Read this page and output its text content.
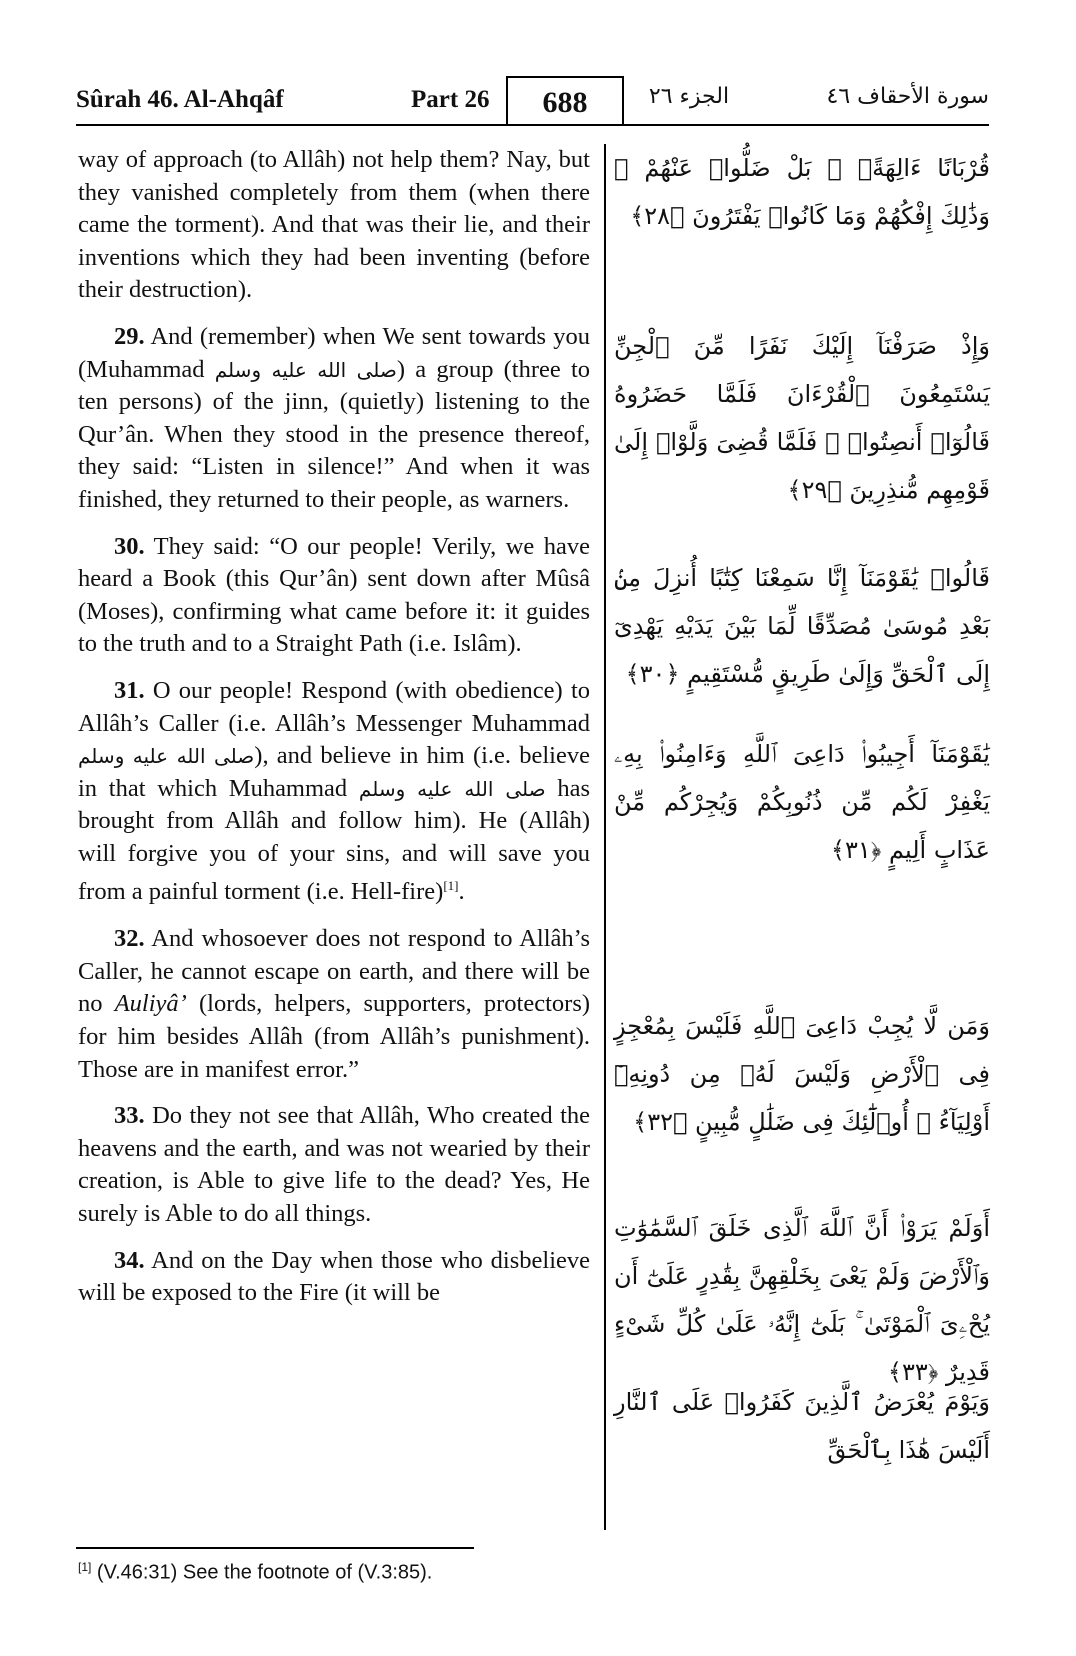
Sûrah 46. Al-Ahqâf	Part 26	688	الجزء ٢٦	سورة الأحقاف ٤٦

way of approach (to Allâh) not help them? Nay, but they vanished completely from them (when there came the torment). And that was their lie, and their inventions which they had been inventing (before their destruction).

29. And (remember) when We sent towards you (Muhammad صلى الله عليه وسلم) a group (three to ten persons) of the jinn, (quietly) listening to the Qur’ân. When they stood in the presence thereof, they said: “Listen in silence!” And when it was finished, they returned to their people, as warners.

30. They said: “O our people! Verily, we have heard a Book (this Qur’ân) sent down after Mûsâ (Moses), confirming what came before it: it guides to the truth and to a Straight Path (i.e. Islâm).

31. O our people! Respond (with obedience) to Allâh’s Caller (i.e. Allâh’s Messenger Muhammad صلى الله عليه وسلم), and believe in him (i.e. believe in that which Muhammad صلى الله عليه وسلم has brought from Allâh and follow him). He (Allâh) will forgive you of your sins, and will save you from a painful torment (i.e. Hell-fire)[1].

32. And whosoever does not respond to Allâh’s Caller, he cannot escape on earth, and there will be no Auliyâ’ (lords, helpers, supporters, protectors) for him besides Allâh (from Allâh’s punishment). Those are in manifest error.”

33. Do they not see that Allâh, Who created the heavens and the earth, and was not wearied by their creation, is Able to give life to the dead? Yes, He surely is Able to do all things.

34. And on the Day when those who disbelieve will be exposed to the Fire (it will be

قُرْبَانًا ءَالِهَةًۢ ۖ بَلْ ضَلُّوا۟ عَنْهُمْ ۚ وَذَٰلِكَ إِفْكُهُمْ وَمَا كَانُوا۟ يَفْتَرُونَ ﴿٢٨﴾
وَإِذْ صَرَفْنَآ إِلَيْكَ نَفَرًا مِّنَ ٱلْجِنِّ يَسْتَمِعُونَ ٱلْقُرْءَانَ فَلَمَّا حَضَرُوهُ قَالُوٓا۟ أَنصِتُوا۟ ۖ فَلَمَّا قُضِىَ وَلَّوْا۟ إِلَىٰ قَوْمِهِم مُّنذِرِينَ ﴿٢٩﴾
قَالُوا۟ يَٰقَوْمَنَآ إِنَّا سَمِعْنَا كِتَٰبًا أُنزِلَ مِنۢ بَعْدِ مُوسَىٰ مُصَدِّقًا لِّمَا بَيْنَ يَدَيْهِ يَهْدِىٓ إِلَى ٱلْحَقِّ وَإِلَىٰ طَرِيقٍ مُّسْتَقِيمٍ ﴿٣٠﴾
يَٰقَوْمَنَآ أَجِيبُوا۟ دَاعِىَ ٱللَّهِ وَءَامِنُوا۟ بِهِۦ يَغْفِرْ لَكُم مِّن ذُنُوبِكُمْ وَيُجِرْكُم مِّنْ عَذَابٍ أَلِيمٍ ﴿٣١﴾
وَمَن لَّا يُجِبْ دَاعِىَ ٱللَّهِ فَلَيْسَ بِمُعْجِزٍ فِى ٱلْأَرْضِ وَلَيْسَ لَهُۥ مِن دُونِهِۦٓ أَوْلِيَآءُ ۚ أُو۟لَٰٓئِكَ فِى ضَلَٰلٍ مُّبِينٍ ﴿٣٢﴾
أَوَلَمْ يَرَوْا۟ أَنَّ ٱللَّهَ ٱلَّذِى خَلَقَ ٱلسَّمَٰوَٰتِ وَٱلْأَرْضَ وَلَمْ يَعْىَ بِخَلْقِهِنَّ بِقَٰدِرٍ عَلَىٰٓ أَن يُحْۦِىَ ٱلْمَوْتَىٰ ۚ بَلَىٰٓ إِنَّهُۥ عَلَىٰ كُلِّ شَىْءٍ قَدِيرٌ ﴿٣٣﴾
وَيَوْمَ يُعْرَضُ ٱلَّذِينَ كَفَرُوا۟ عَلَى ٱلنَّارِ أَلَيْسَ هَٰذَا بِٱلْحَقِّ
[1] (V.46:31) See the footnote of (V.3:85).
